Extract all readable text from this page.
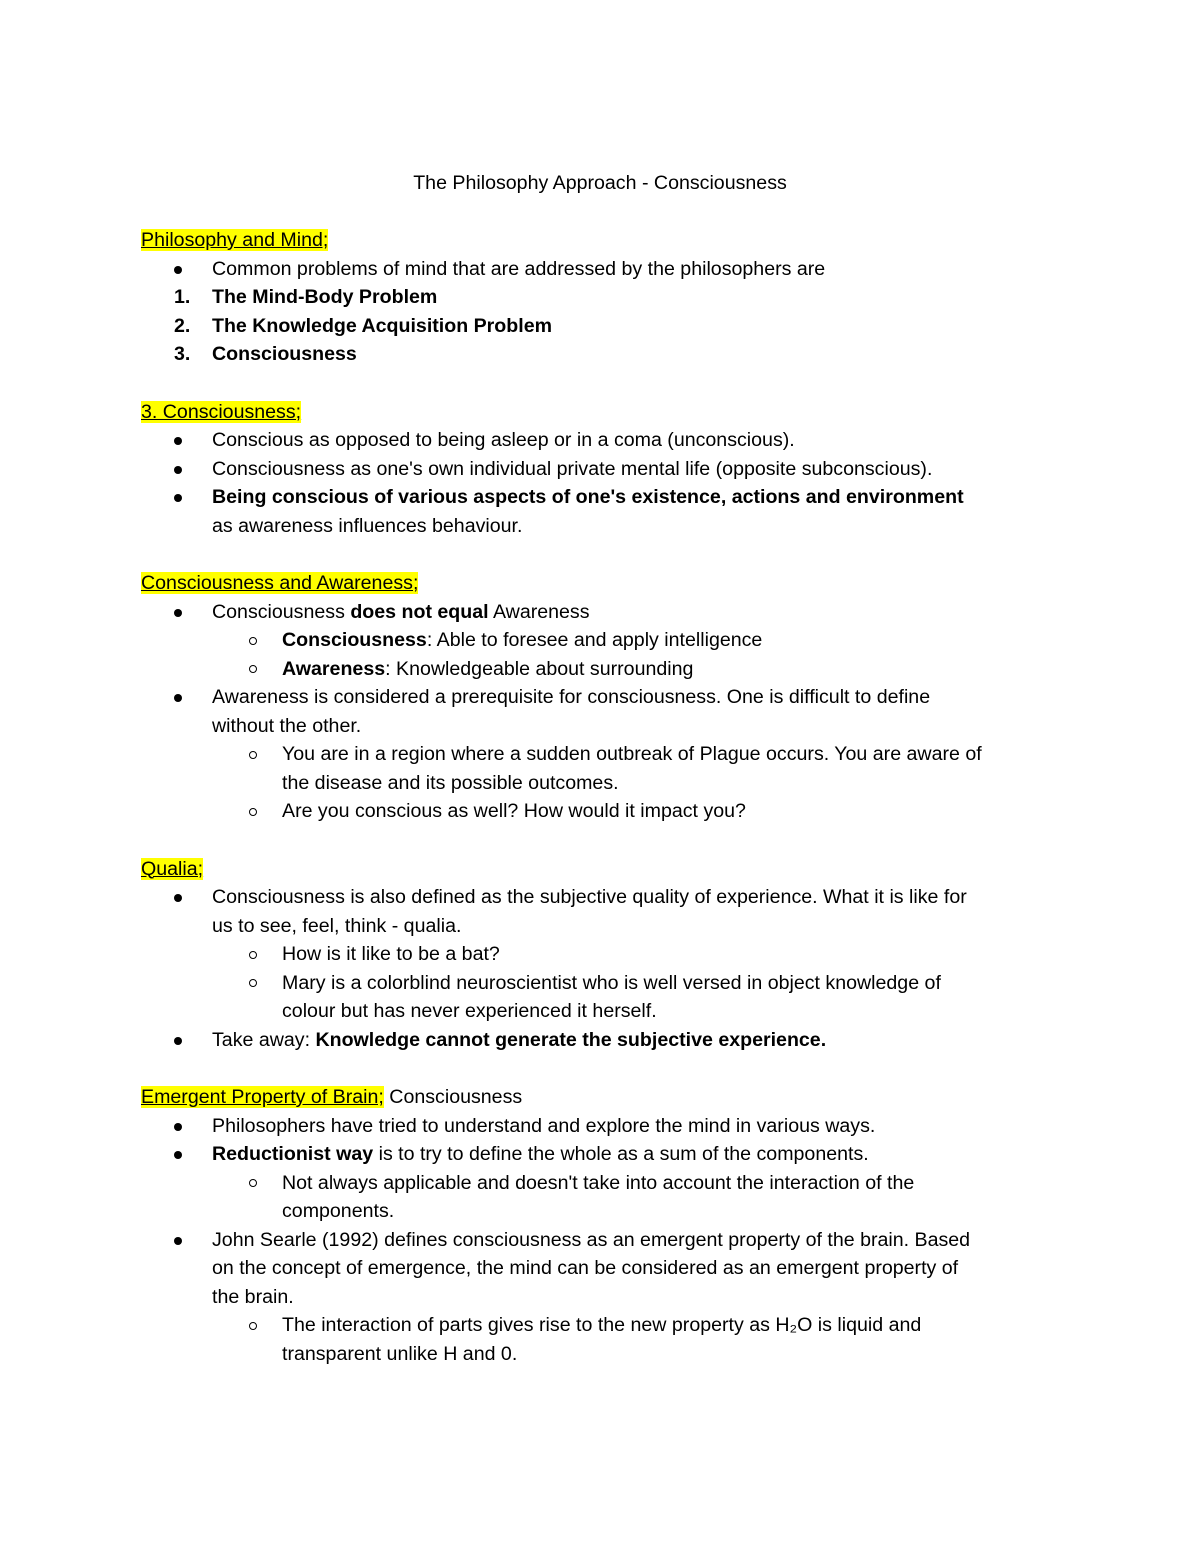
The Philosophy Approach - Consciousness
Philosophy and Mind;
Common problems of mind that are addressed by the philosophers are
1. The Mind-Body Problem
2. The Knowledge Acquisition Problem
3. Consciousness
3. Consciousness;
Conscious as opposed to being asleep or in a coma (unconscious).
Consciousness as one's own individual private mental life (opposite subconscious).
Being conscious of various aspects of one's existence, actions and environment
as awareness influences behaviour.
Consciousness and Awareness;
Consciousness does not equal Awareness
Consciousness: Able to foresee and apply intelligence
Awareness: Knowledgeable about surrounding
Awareness is considered a prerequisite for consciousness. One is difficult to define
without the other.
You are in a region where a sudden outbreak of Plague occurs. You are aware of
the disease and its possible outcomes.
Are you conscious as well? How would it impact you?
Qualia;
Consciousness is also defined as the subjective quality of experience. What it is like for
us to see, feel, think - qualia.
How is it like to be a bat?
Mary is a colorblind neuroscientist who is well versed in object knowledge of
colour but has never experienced it herself.
Take away: Knowledge cannot generate the subjective experience.
Emergent Property of Brain; Consciousness
Philosophers have tried to understand and explore the mind in various ways.
Reductionist way is to try to define the whole as a sum of the components.
Not always applicable and doesn't take into account the interaction of the
components.
John Searle (1992) defines consciousness as an emergent property of the brain. Based
on the concept of emergence, the mind can be considered as an emergent property of
the brain.
The interaction of parts gives rise to the new property as H₂O is liquid and
transparent unlike H and 0.
